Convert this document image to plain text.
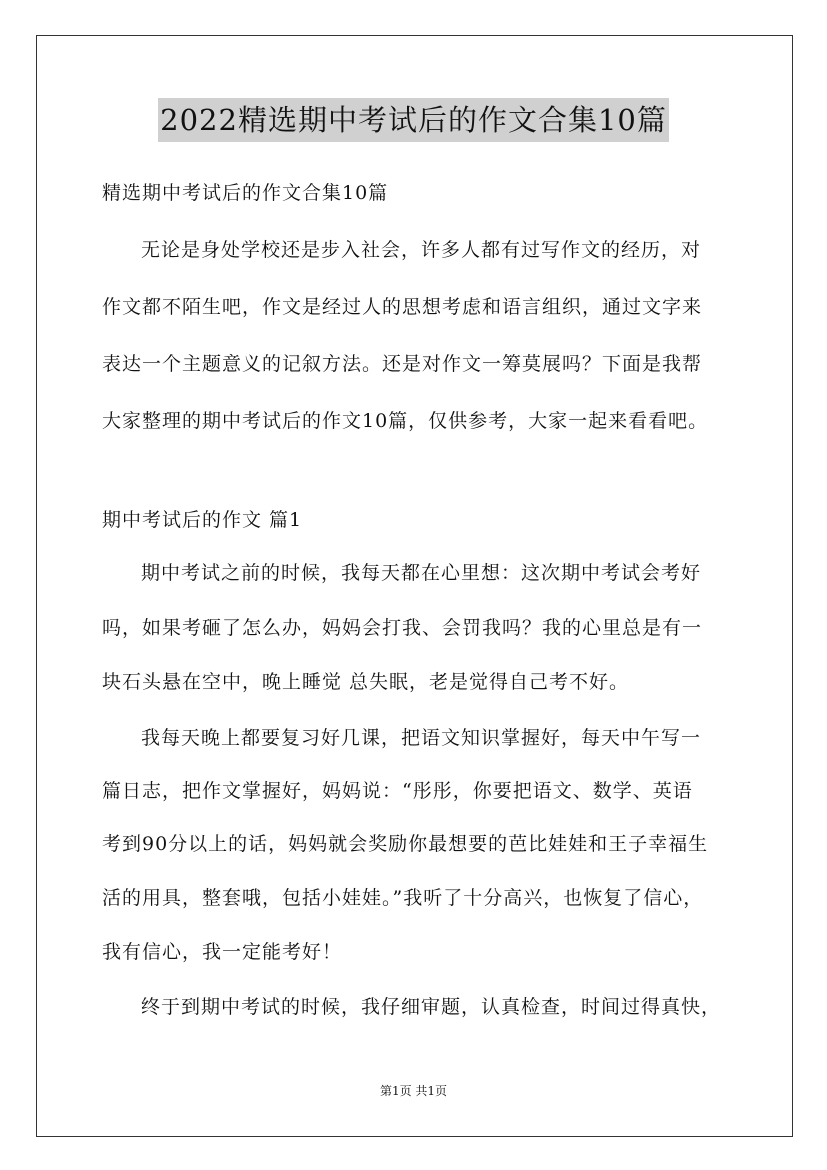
2022精选期中考试后的作文合集10篇
精选期中考试后的作文合集10篇
无论是身处学校还是步入社会，许多人都有过写作文的经历，对
作文都不陌生吧，作文是经过人的思想考虑和语言组织，通过文字来
表达一个主题意义的记叙方法。还是对作文一筹莫展吗？下面是我帮
大家整理的期中考试后的作文10篇，仅供参考，大家一起来看看吧。
期中考试后的作文 篇1
期中考试之前的时候，我每天都在心里想：这次期中考试会考好
吗，如果考砸了怎么办，妈妈会打我、会罚我吗？我的心里总是有一
块石头悬在空中，晚上睡觉 总失眠，老是觉得自己考不好。
我每天晚上都要复习好几课，把语文知识掌握好，每天中午写一
篇日志，把作文掌握好，妈妈说：“彤彤，你要把语文、数学、英语
考到90分以上的话，妈妈就会奖励你最想要的芭比娃娃和王子幸福生
活的用具，整套哦，包括小娃娃。”我听了十分高兴，也恢复了信心，
我有信心，我一定能考好！
终于到期中考试的时候，我仔细审题，认真检查，时间过得真快，
第1页 共1页
